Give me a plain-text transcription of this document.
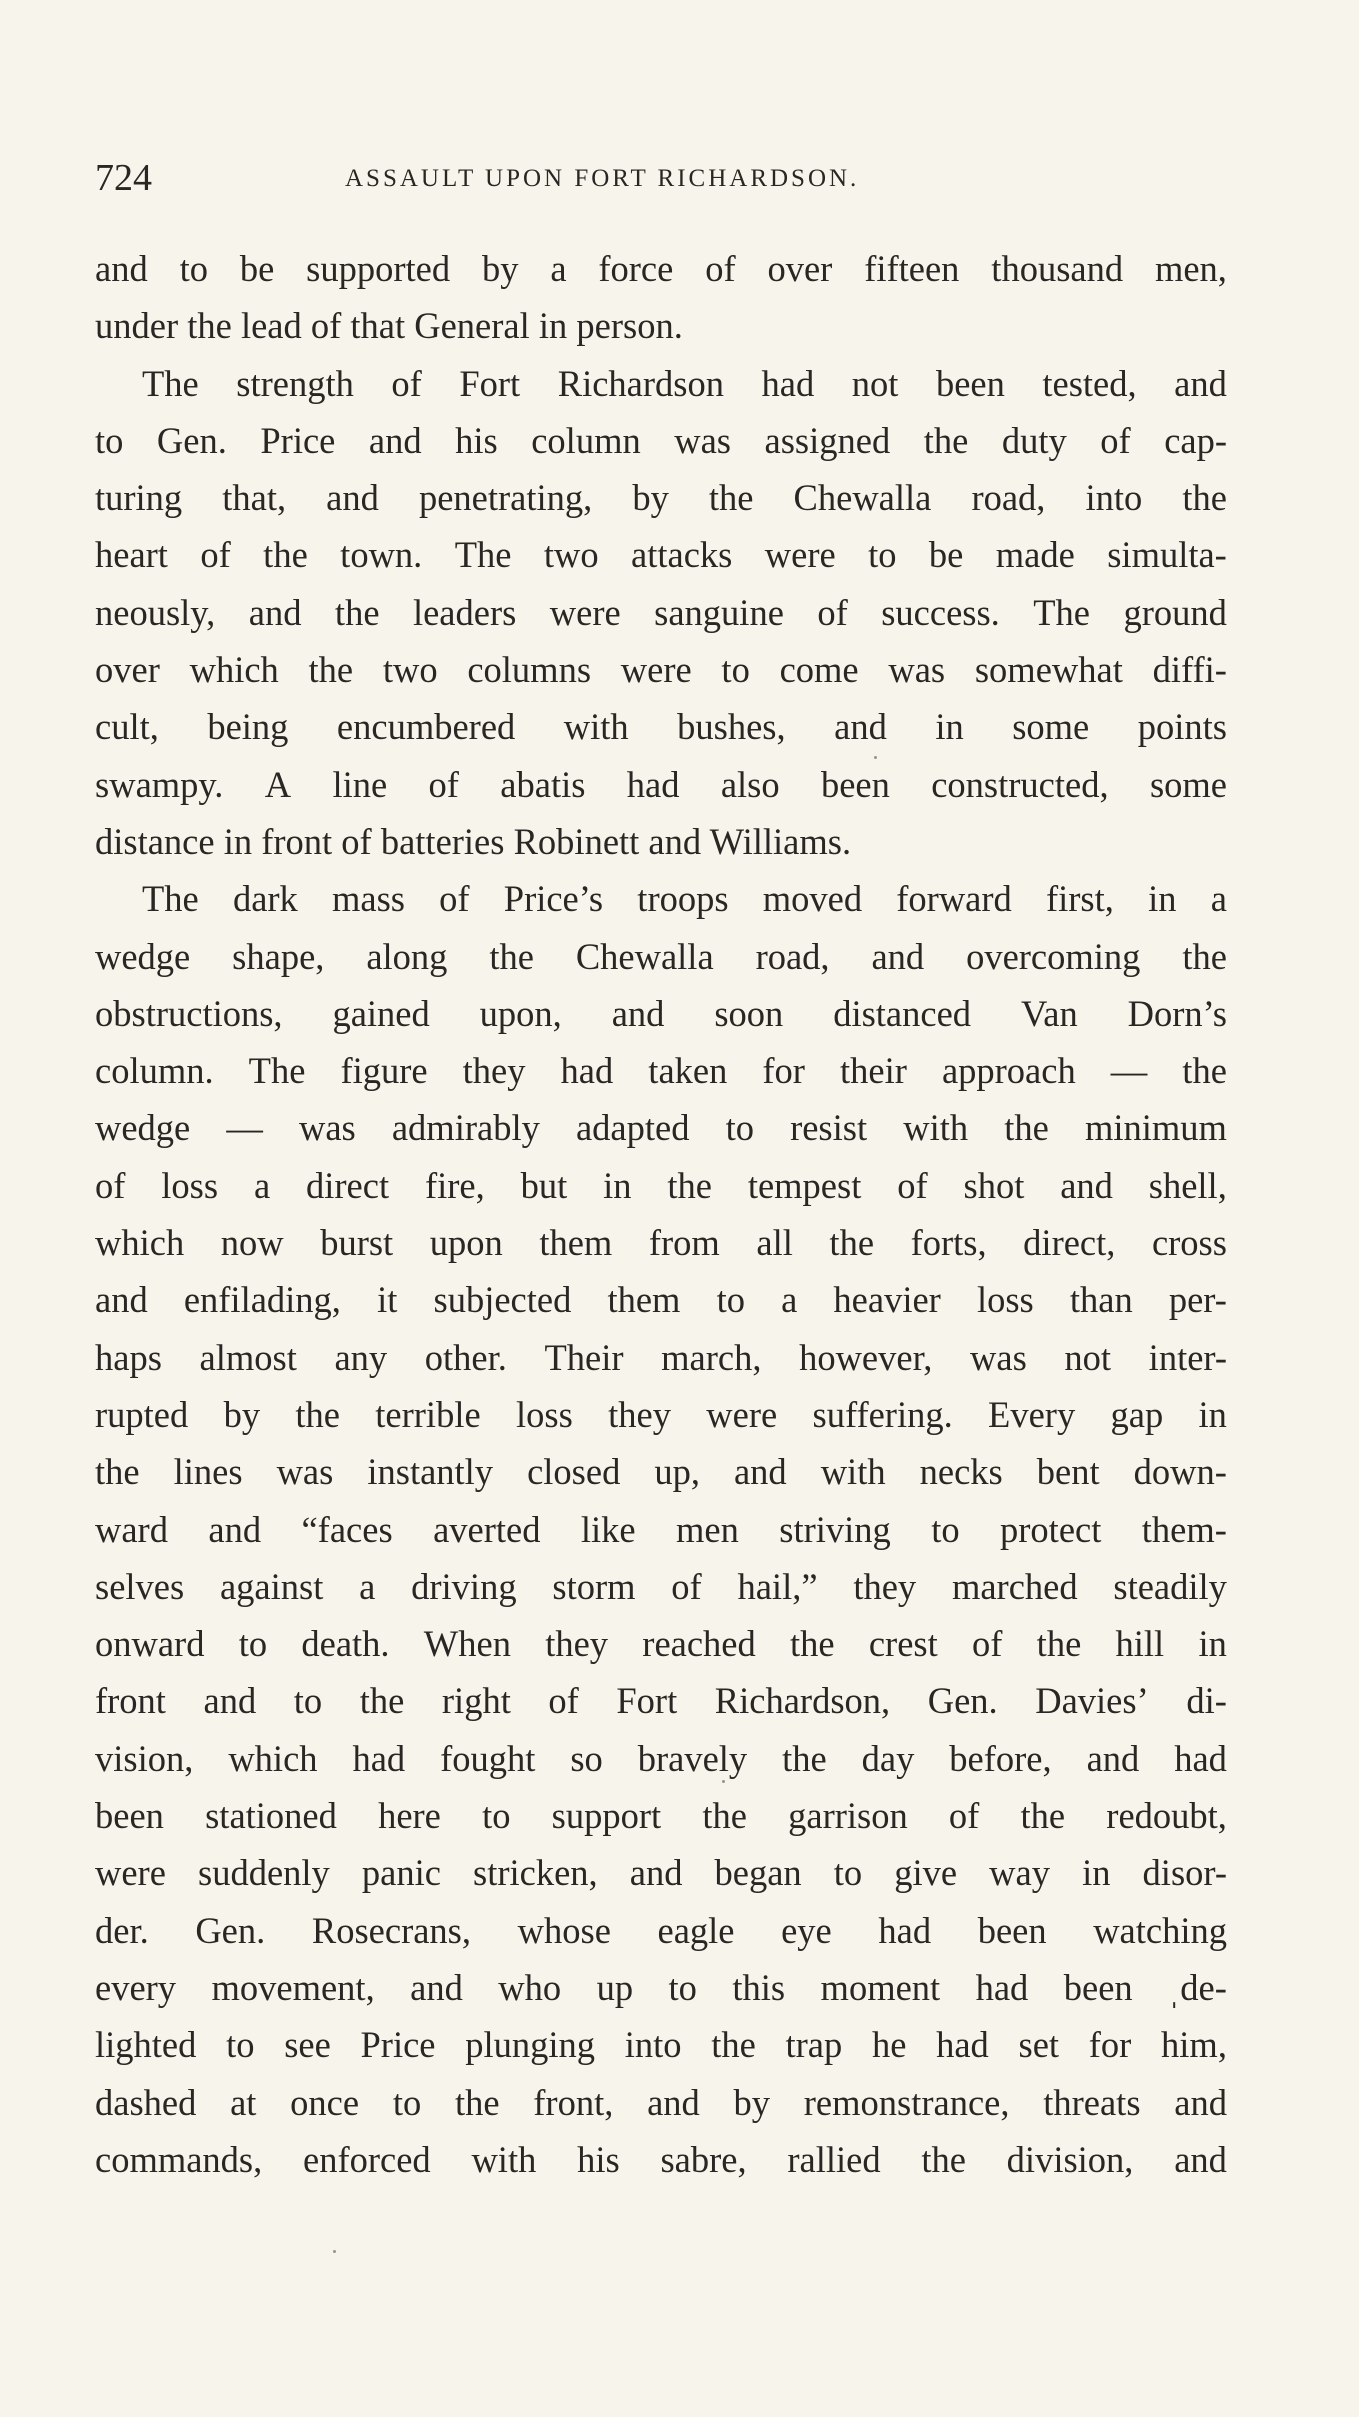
724	ASSAULT UPON FORT RICHARDSON.
and to be supported by a force of over fifteen thousand men,
under the lead of that General in person.
The strength of Fort Richardson had not been tested, and
to Gen. Price and his column was assigned the duty of cap-
turing that, and penetrating, by the Chewalla road, into the
heart of the town. The two attacks were to be made simulta-
neously, and the leaders were sanguine of success. The ground
over which the two columns were to come was somewhat diffi-
cult, being encumbered with bushes, and in some points
swampy. A line of abatis had also been constructed, some
distance in front of batteries Robinett and Williams.
The dark mass of Price’s troops moved forward first, in a
wedge shape, along the Chewalla road, and overcoming the
obstructions, gained upon, and soon distanced Van Dorn’s
column. The figure they had taken for their approach — the
wedge — was admirably adapted to resist with the minimum
of loss a direct fire, but in the tempest of shot and shell,
which now burst upon them from all the forts, direct, cross
and enfilading, it subjected them to a heavier loss than per-
haps almost any other. Their march, however, was not inter-
rupted by the terrible loss they were suffering. Every gap in
the lines was instantly closed up, and with necks bent down-
ward and “faces averted like men striving to protect them-
selves against a driving storm of hail,” they marched steadily
onward to death. When they reached the crest of the hill in
front and to the right of Fort Richardson, Gen. Davies’ di-
vision, which had fought so bravely the day before, and had
been stationed here to support the garrison of the redoubt,
were suddenly panic stricken, and began to give way in disor-
der. Gen. Rosecrans, whose eagle eye had been watching
every movement, and who up to this moment had been ˌde-
lighted to see Price plunging into the trap he had set for him,
dashed at once to the front, and by remonstrance, threats and
commands, enforced with his sabre, rallied the division, and
